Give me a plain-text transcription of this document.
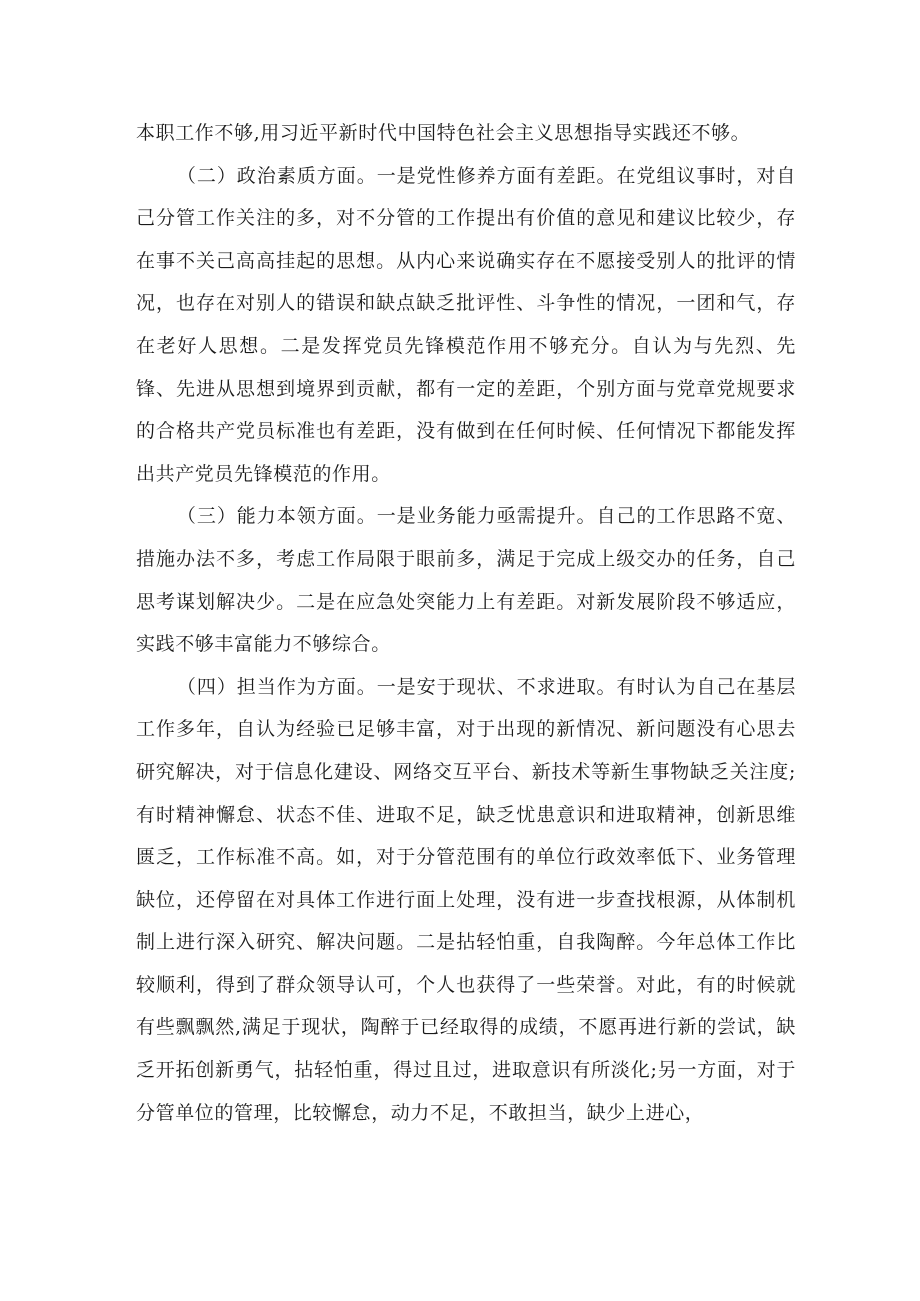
本职工作不够,用习近平新时代中国特色社会主义思想指导实践还不够。

（二）政治素质方面。一是党性修养方面有差距。在党组议事时，对自己分管工作关注的多，对不分管的工作提出有价值的意见和建议比较少，存在事不关己高高挂起的思想。从内心来说确实存在不愿接受别人的批评的情况，也存在对别人的错误和缺点缺乏批评性、斗争性的情况，一团和气，存在老好人思想。二是发挥党员先锋模范作用不够充分。自认为与先烈、先锋、先进从思想到境界到贡献，都有一定的差距，个别方面与党章党规要求的合格共产党员标准也有差距，没有做到在任何时候、任何情况下都能发挥出共产党员先锋模范的作用。

（三）能力本领方面。一是业务能力亟需提升。自己的工作思路不宽、措施办法不多，考虑工作局限于眼前多，满足于完成上级交办的任务，自己思考谋划解决少。二是在应急处突能力上有差距。对新发展阶段不够适应，实践不够丰富能力不够综合。

（四）担当作为方面。一是安于现状、不求进取。有时认为自己在基层工作多年，自认为经验已足够丰富，对于出现的新情况、新问题没有心思去研究解决，对于信息化建设、网络交互平台、新技术等新生事物缺乏关注度;有时精神懈怠、状态不佳、进取不足，缺乏忧患意识和进取精神，创新思维匮乏，工作标准不高。如，对于分管范围有的单位行政效率低下、业务管理缺位，还停留在对具体工作进行面上处理，没有进一步查找根源，从体制机制上进行深入研究、解决问题。二是拈轻怕重，自我陶醉。今年总体工作比较顺利，得到了群众领导认可，个人也获得了一些荣誉。对此，有的时候就有些飘飘然,满足于现状，陶醉于已经取得的成绩，不愿再进行新的尝试，缺乏开拓创新勇气，拈轻怕重，得过且过，进取意识有所淡化;另一方面，对于分管单位的管理，比较懈怠，动力不足，不敢担当，缺少上进心，
